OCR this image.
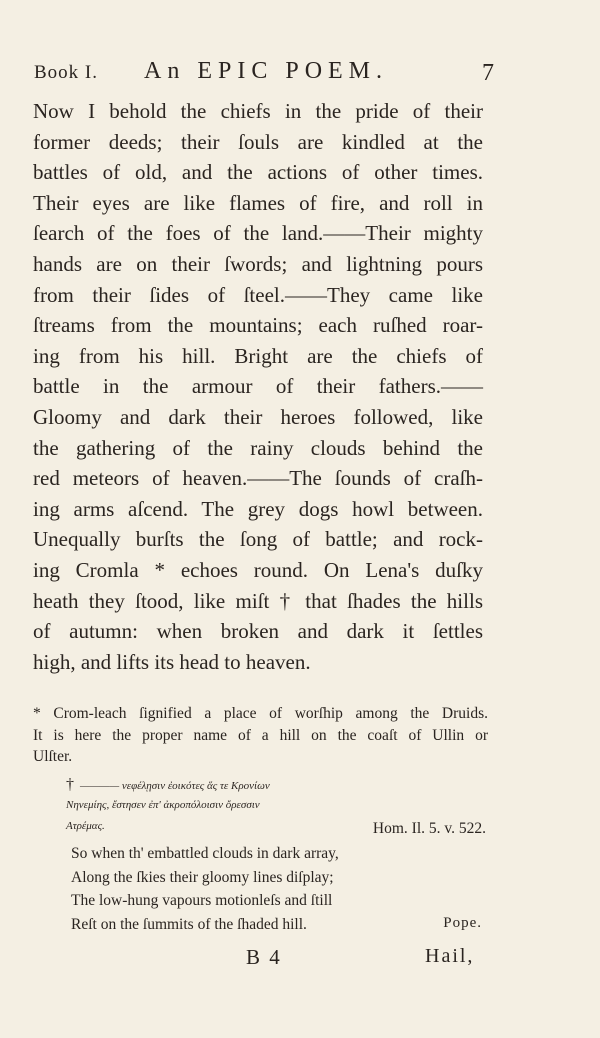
Book I. An EPIC POEM.	7
Now I behold the chiefs in the pride of their
former deeds; their ſouls are kindled at the
battles of old, and the actions of other times.
Their eyes are like flames of fire, and roll in
ſearch of the foes of the land.——Their mighty
hands are on their ſwords; and lightning pours
from their ſides of ſteel.——They came like
ſtreams from the mountains; each ruſhed roar-
ing from his hill. Bright are the chiefs of
battle in the armour of their fathers.——
Gloomy and dark their heroes followed, like
the gathering of the rainy clouds behind the
red meteors of heaven.——The ſounds of craſh-
ing arms aſcend. The grey dogs howl between.
Unequally burſts the ſong of battle; and rock-
ing Cromla * echoes round. On Lena's duſky
heath they ſtood, like miſt † that ſhades the hills
of autumn: when broken and dark it ſettles
high, and lifts its head to heaven.
* Crom-leach ſignified a place of worſhip among the Druids.
It is here the proper name of a hill on the coaſt of Ullin or
Ulſter.
† ———— νεφέλῃσιν ἐοικότες ἅς τε Κρονίων
Νηνεμίης, ἔστησεν ἐπ' ἀκροπόλοισιν ὄρεσσιν
Ατρέμας.	Hom. Il. 5. v. 522.
So when th' embattled clouds in dark array,
Along the ſkies their gloomy lines diſplay;
The low-hung vapours motionleſs and ſtill
Reſt on the ſummits of the ſhaded hill.	Pope.
B 4	Hail,
